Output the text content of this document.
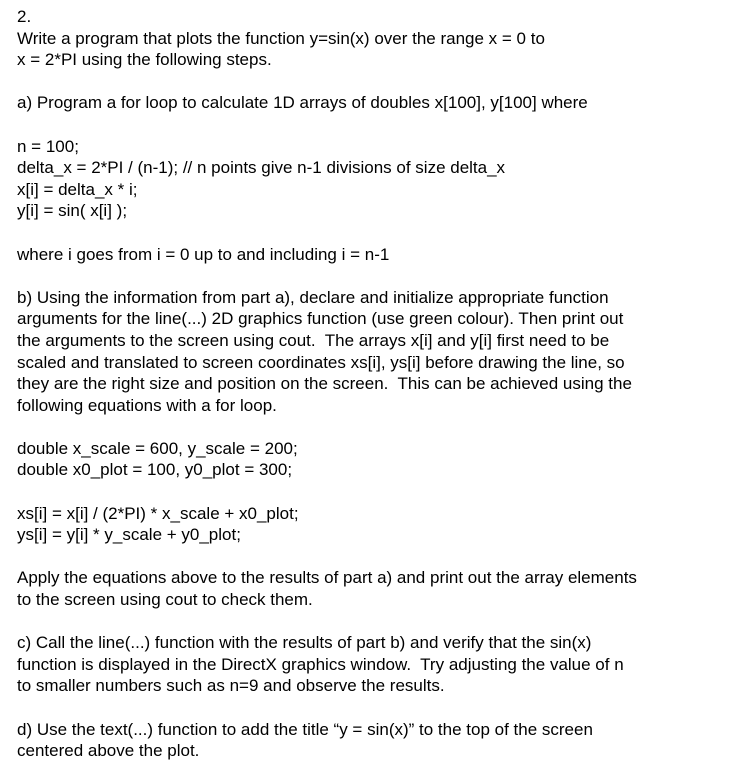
2.
Write a program that plots the function y=sin(x) over the range x = 0 to
x = 2*PI using the following steps.
a) Program a for loop to calculate 1D arrays of doubles x[100], y[100] where
n = 100;
delta_x = 2*PI / (n-1); // n points give n-1 divisions of size delta_x
x[i] = delta_x * i;
y[i] = sin( x[i] );
where i goes from i = 0 up to and including i = n-1
b) Using the information from part a), declare and initialize appropriate function
arguments for the line(...) 2D graphics function (use green colour). Then print out
the arguments to the screen using cout.  The arrays x[i] and y[i] first need to be
scaled and translated to screen coordinates xs[i], ys[i] before drawing the line, so
they are the right size and position on the screen.  This can be achieved using the
following equations with a for loop.
double x_scale = 600, y_scale = 200;
double x0_plot = 100, y0_plot = 300;
xs[i] = x[i] / (2*PI) * x_scale + x0_plot;
ys[i] = y[i] * y_scale + y0_plot;
Apply the equations above to the results of part a) and print out the array elements
to the screen using cout to check them.
c) Call the line(...) function with the results of part b) and verify that the sin(x)
function is displayed in the DirectX graphics window.  Try adjusting the value of n
to smaller numbers such as n=9 and observe the results.
d) Use the text(...) function to add the title “y = sin(x)” to the top of the screen
centered above the plot.
